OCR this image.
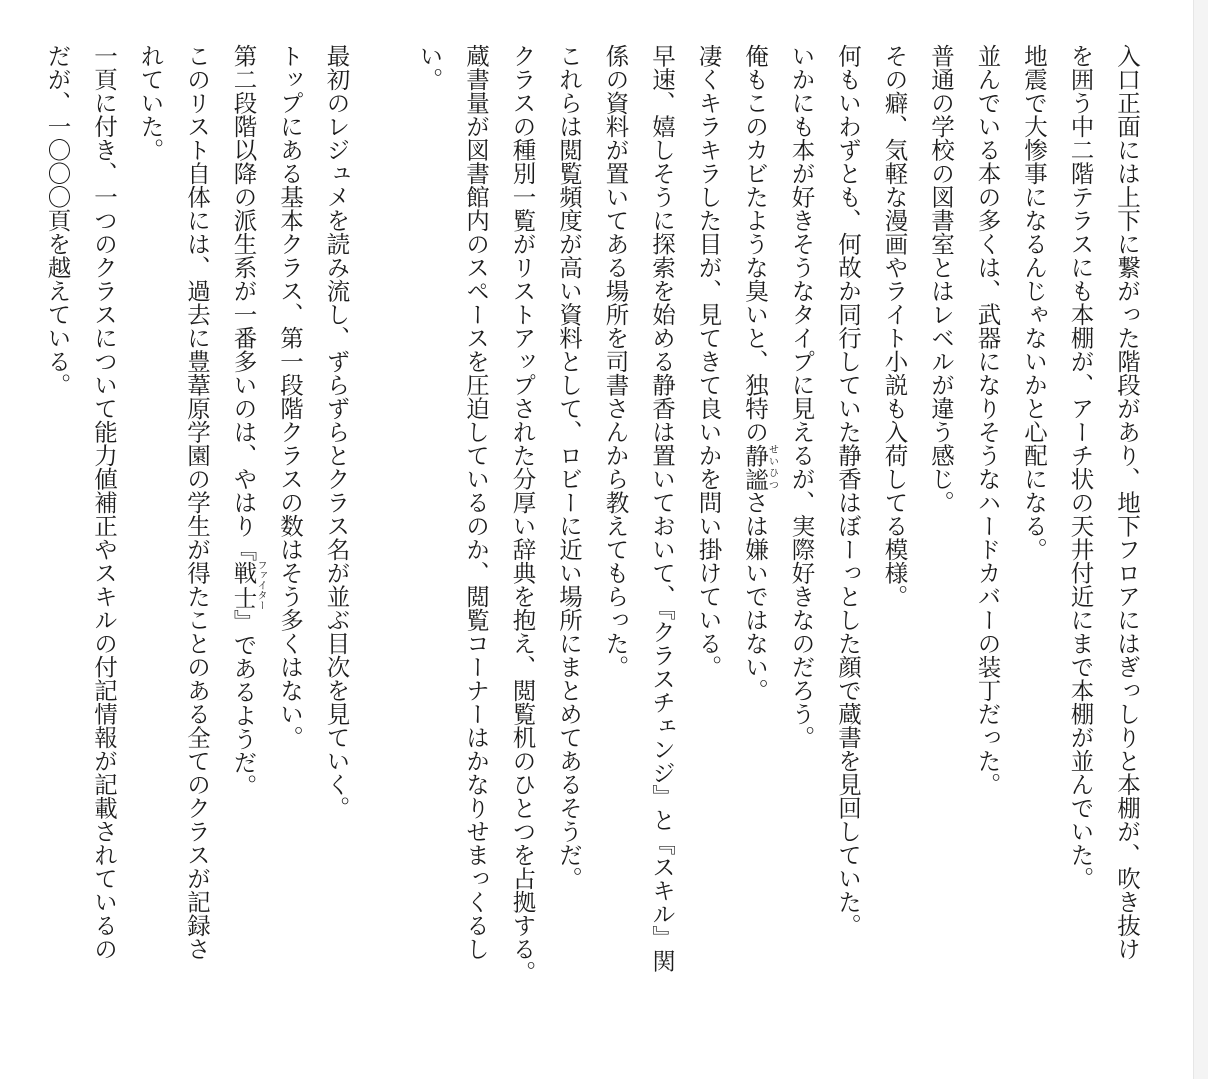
入口正面には上下に繋がった階段があり、地下フロアにはぎっしりと本棚が、吹き抜け

を囲う中二階テラスにも本棚が、アーチ状の天井付近にまで本棚が並んでいた。

地震で大惨事になるんじゃないかと心配になる。

並んでいる本の多くは、武器になりそうなハードカバーの装丁だった。

普通の学校の図書室とはレベルが違う感じ。

その癖、気軽な漫画やライト小説も入荷してる模様。

何もいわずとも、何故か同行していた静香はぼーっとした顔で蔵書を見回していた。

いかにも本が好きそうなタイプに見えるが、実際好きなのだろう。

俺もこのカビたような臭いと、独特の静謐せいひつさは嫌いではない。

凄くキラキラした目が、見てきて良いかを問い掛けている。

早速、嬉しそうに探索を始める静香は置いておいて、『クラスチェンジ』と『スキル』関

係の資料が置いてある場所を司書さんから教えてもらった。

これらは閲覧頻度が高い資料として、ロビーに近い場所にまとめてあるそうだ。

クラスの種別一覧がリストアップされた分厚い辞典を抱え、閲覧机のひとつを占拠する。

蔵書量が図書館内のスペースを圧迫しているのか、閲覧コーナーはかなりせまっくるし

い。

最初のレジュメを読み流し、ずらずらとクラス名が並ぶ目次を見ていく。

トップにある基本クラス、第一段階クラスの数はそう多くはない。

第二段階以降の派生系が一番多いのは、やはり『戦士ファイター』であるようだ。

このリスト自体には、過去に豊葦原学園の学生が得たことのある全てのクラスが記録さ

れていた。

一頁に付き、一つのクラスについて能力値補正やスキルの付記情報が記載されているの

だが、一〇〇〇頁を越えている。
